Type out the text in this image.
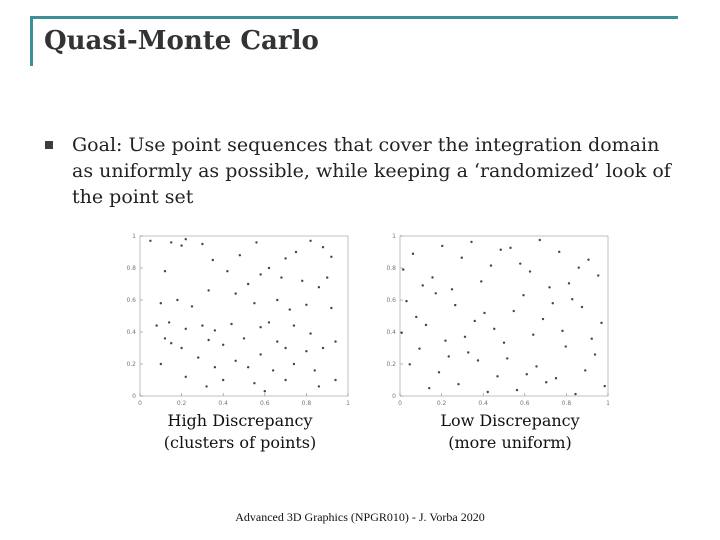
Quasi-Monte Carlo
Goal: Use point sequences that cover the integration domain as uniformly as possible, while keeping a ‘randomized’ look of the point set
0	0.2	0.4	0.6	0.8	1
0
0.2
0.4
0.6
0.8
1
0	0.2	0.4	0.6	0.8	1
0
0.2
0.4
0.6
0.8
1
High Discrepancy
(clusters of points)
Low Discrepancy
(more uniform)
Advanced 3D Graphics (NPGR010) - J. Vorba 2020
